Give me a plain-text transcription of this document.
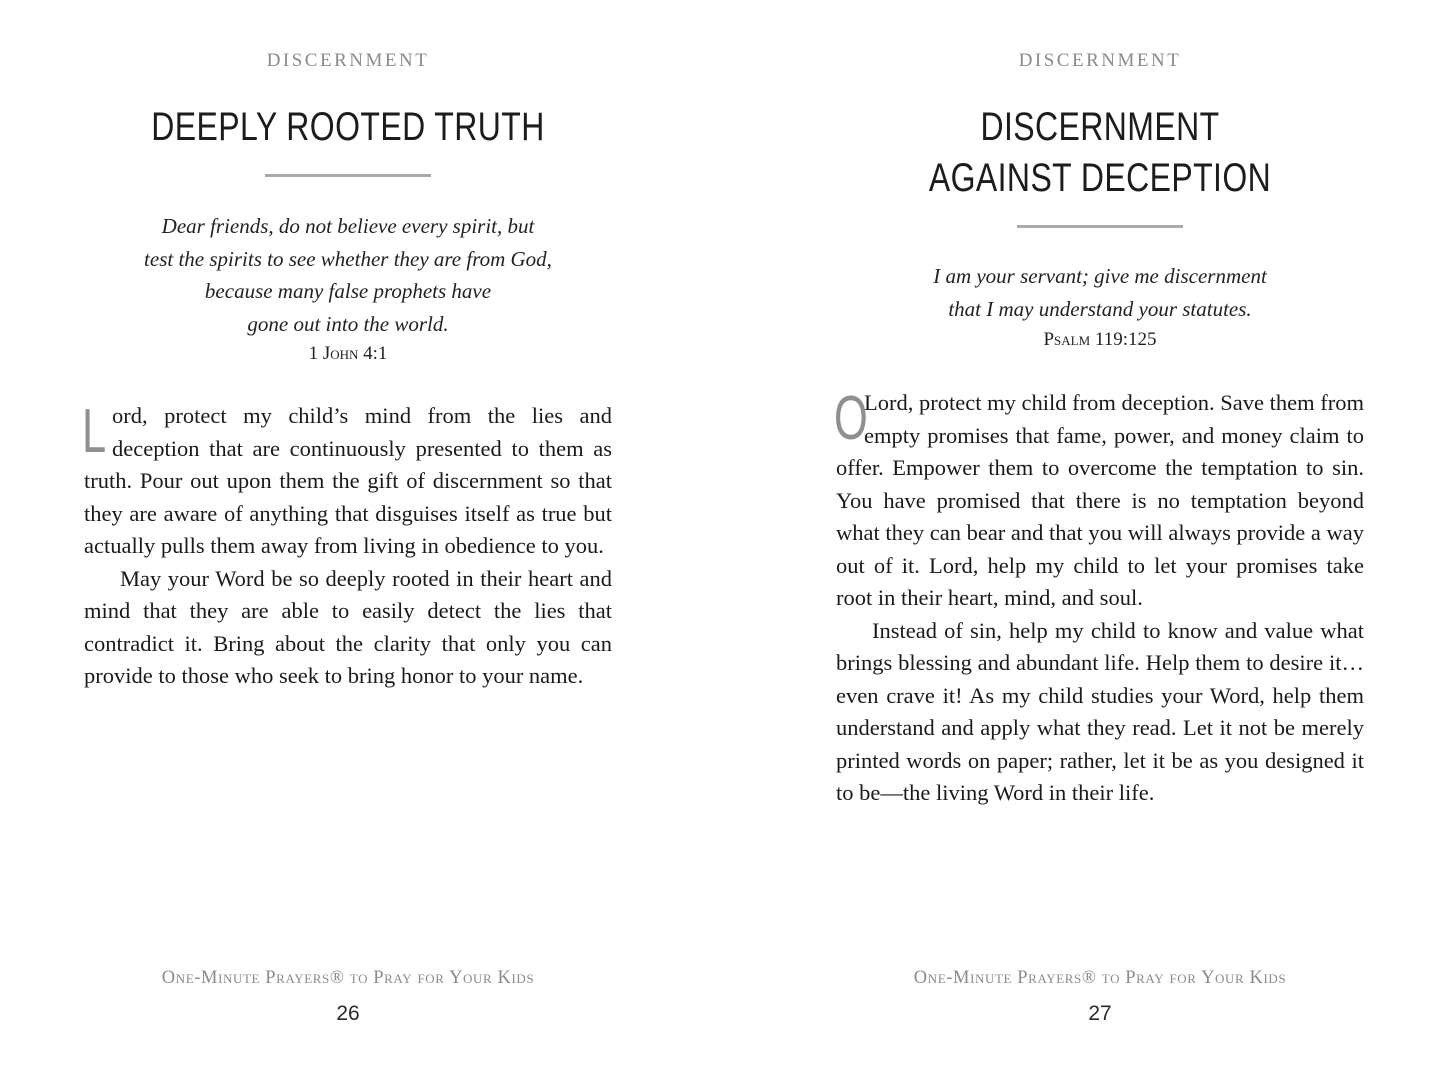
DISCERNMENT
DEEPLY ROOTED TRUTH
Dear friends, do not believe every spirit, but
test the spirits to see whether they are from God,
because many false prophets have
gone out into the world.
1 John 4:1

Lord, protect my child’s mind from the lies and deception that are continuously presented to them as truth. Pour out upon them the gift of discernment so that they are aware of anything that disguises itself as true but actually pulls them away from living in obedience to you.

May your Word be so deeply rooted in their heart and mind that they are able to easily detect the lies that contradict it. Bring about the clarity that only you can provide to those who seek to bring honor to your name.

One-Minute Prayers® to Pray for Your Kids
26
DISCERNMENT
DISCERNMENT
AGAINST DECEPTION
I am your servant; give me discernment
that I may understand your statutes.
Psalm 119:125

O
Lord, protect my child from deception. Save them from empty promises that fame, power, and money claim to offer. Empower them to overcome the temptation to sin. You have promised that there is no temptation beyond what they can bear and that you will always provide a way out of it. Lord, help my child to let your promises take root in their heart, mind, and soul.

Instead of sin, help my child to know and value what brings blessing and abundant life. Help them to desire it…even crave it! As my child studies your Word, help them understand and apply what they read. Let it not be merely printed words on paper; rather, let it be as you designed it to be—the living Word in their life.

One-Minute Prayers® to Pray for Your Kids
27
